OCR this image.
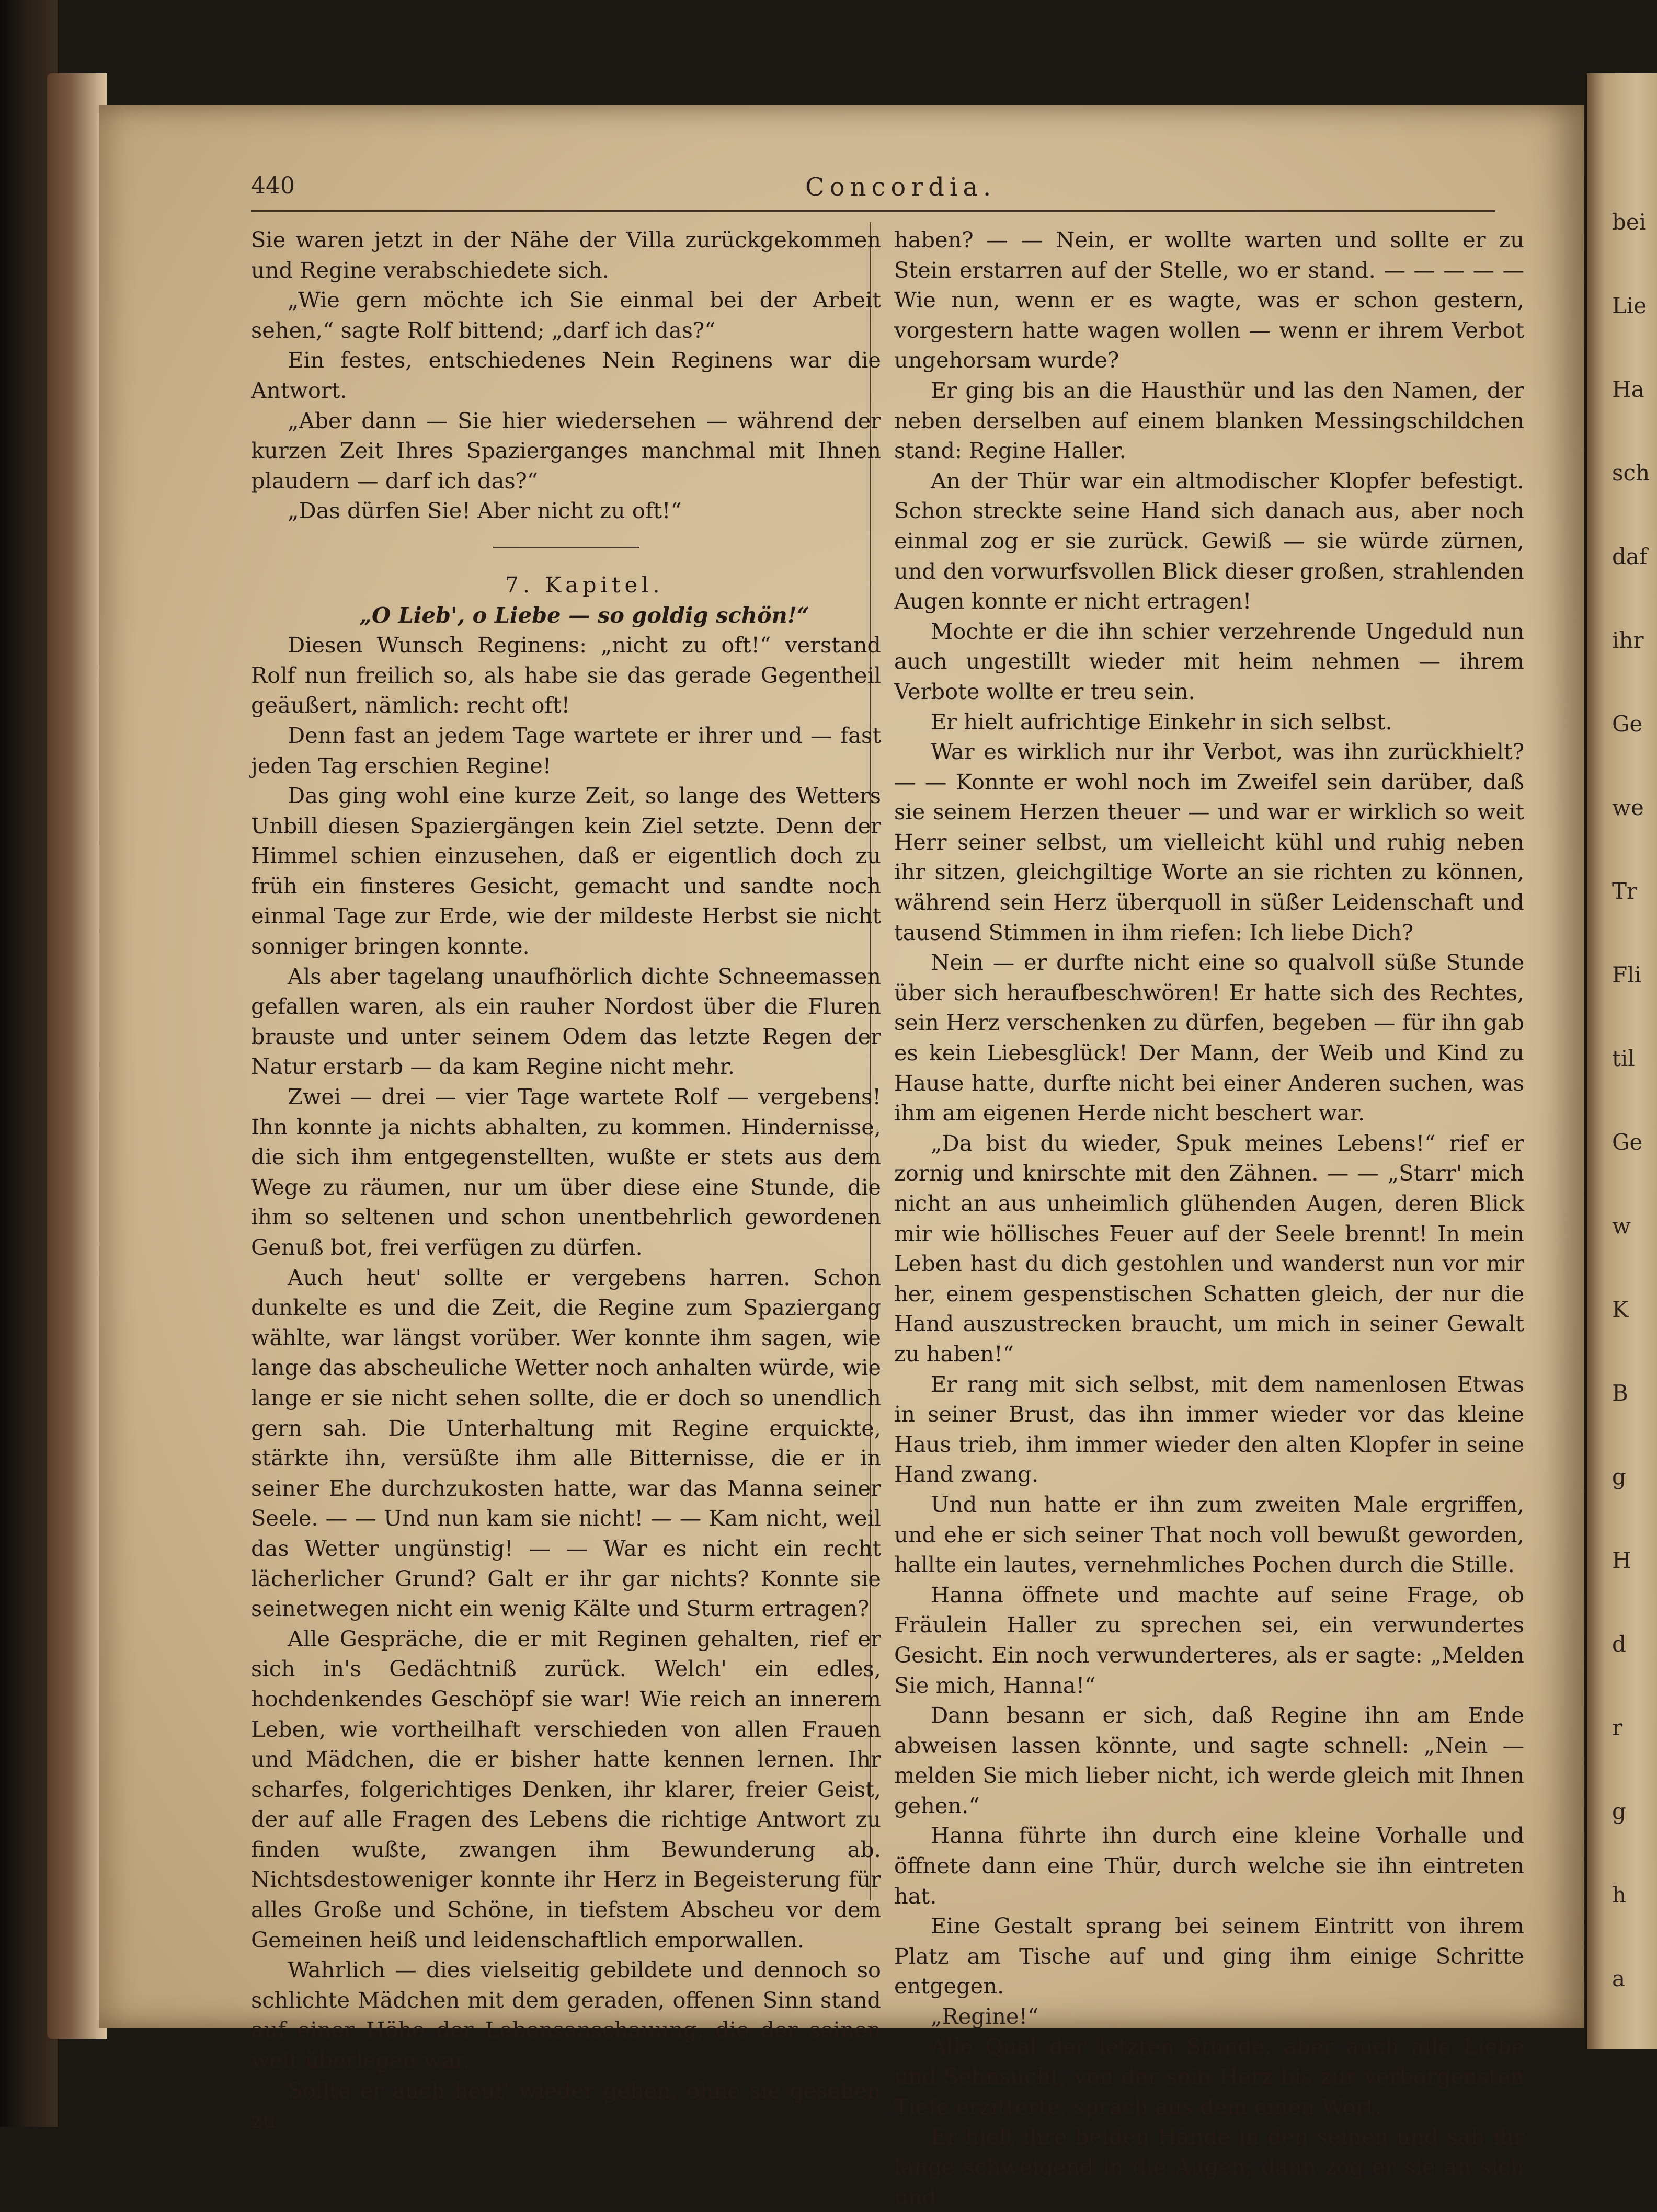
bei
Lie
Ha
sch
daf
ihr
Ge
we
Tr
Fli
til
Ge
w
K
B
g
H
d
r
g
h
a
440	Concordia.

Sie waren jetzt in der Nähe der Villa zurückgekommen und Regine verabschiedete sich.

„Wie gern möchte ich Sie einmal bei der Arbeit sehen,“ sagte Rolf bittend; „darf ich das?“

Ein festes, entschiedenes Nein Reginens war die Antwort.

„Aber dann — Sie hier wiedersehen — während der kurzen Zeit Ihres Spazierganges manchmal mit Ihnen plaudern — darf ich das?“

„Das dürfen Sie! Aber nicht zu oft!“

7. Kapitel.

„O Lieb', o Liebe — so goldig schön!“

Diesen Wunsch Reginens: „nicht zu oft!“ verstand Rolf nun freilich so, als habe sie das gerade Gegentheil geäußert, nämlich: recht oft!

Denn fast an jedem Tage wartete er ihrer und — fast jeden Tag erschien Regine!

Das ging wohl eine kurze Zeit, so lange des Wetters Unbill diesen Spaziergängen kein Ziel setzte. Denn der Himmel schien einzusehen, daß er eigentlich doch zu früh ein finsteres Gesicht, gemacht und sandte noch einmal Tage zur Erde, wie der mildeste Herbst sie nicht sonniger bringen konnte.

Als aber tagelang unaufhörlich dichte Schneemassen gefallen waren, als ein rauher Nordost über die Fluren brauste und unter seinem Odem das letzte Regen der Natur erstarb — da kam Regine nicht mehr.

Zwei — drei — vier Tage wartete Rolf — vergebens! Ihn konnte ja nichts abhalten, zu kommen. Hindernisse, die sich ihm entgegenstellten, wußte er stets aus dem Wege zu räumen, nur um über diese eine Stunde, die ihm so seltenen und schon unentbehrlich gewordenen Genuß bot, frei verfügen zu dürfen.

Auch heut' sollte er vergebens harren. Schon dunkelte es und die Zeit, die Regine zum Spaziergang wählte, war längst vorüber. Wer konnte ihm sagen, wie lange das abscheuliche Wetter noch anhalten würde, wie lange er sie nicht sehen sollte, die er doch so unendlich gern sah. Die Unterhaltung mit Regine erquickte, stärkte ihn, versüßte ihm alle Bitternisse, die er in seiner Ehe durchzukosten hatte, war das Manna seiner Seele. — — Und nun kam sie nicht! — — Kam nicht, weil das Wetter ungünstig! — — War es nicht ein recht lächerlicher Grund? Galt er ihr gar nichts? Konnte sie seinetwegen nicht ein wenig Kälte und Sturm ertragen?

Alle Gespräche, die er mit Reginen gehalten, rief er sich in's Gedächtniß zurück. Welch' ein edles, hochdenkendes Geschöpf sie war! Wie reich an innerem Leben, wie vortheilhaft verschieden von allen Frauen und Mädchen, die er bisher hatte kennen lernen. Ihr scharfes, folgerichtiges Denken, ihr klarer, freier Geist, der auf alle Fragen des Lebens die richtige Antwort zu finden wußte, zwangen ihm Bewunderung ab. Nichtsdestoweniger konnte ihr Herz in Begeisterung für alles Große und Schöne, in tiefstem Abscheu vor dem Gemeinen heiß und leidenschaftlich emporwallen.

Wahrlich — dies vielseitig gebildete und dennoch so schlichte Mädchen mit dem geraden, offenen Sinn stand auf einer Höhe der Lebensanschauung, die der seinen weit überlegen war.

Sollte er auch heut' wieder gehen, ohne sie gesehen zu

haben? — — Nein, er wollte warten und sollte er zu Stein erstarren auf der Stelle, wo er stand. — — — — — Wie nun, wenn er es wagte, was er schon gestern, vorgestern hatte wagen wollen — wenn er ihrem Verbot ungehorsam wurde?

Er ging bis an die Hausthür und las den Namen, der neben derselben auf einem blanken Messingschildchen stand: Regine Haller.

An der Thür war ein altmodischer Klopfer befestigt. Schon streckte seine Hand sich danach aus, aber noch einmal zog er sie zurück. Gewiß — sie würde zürnen, und den vorwurfsvollen Blick dieser großen, strahlenden Augen konnte er nicht ertragen!

Mochte er die ihn schier verzehrende Ungeduld nun auch ungestillt wieder mit heim nehmen — ihrem Verbote wollte er treu sein.

Er hielt aufrichtige Einkehr in sich selbst.

War es wirklich nur ihr Verbot, was ihn zurückhielt? — — Konnte er wohl noch im Zweifel sein darüber, daß sie seinem Herzen theuer — und war er wirklich so weit Herr seiner selbst, um vielleicht kühl und ruhig neben ihr sitzen, gleichgiltige Worte an sie richten zu können, während sein Herz überquoll in süßer Leidenschaft und tausend Stimmen in ihm riefen: Ich liebe Dich?

Nein — er durfte nicht eine so qualvoll süße Stunde über sich heraufbeschwören! Er hatte sich des Rechtes, sein Herz verschenken zu dürfen, begeben — für ihn gab es kein Liebesglück! Der Mann, der Weib und Kind zu Hause hatte, durfte nicht bei einer Anderen suchen, was ihm am eigenen Herde nicht beschert war.

„Da bist du wieder, Spuk meines Lebens!“ rief er zornig und knirschte mit den Zähnen. — — „Starr' mich nicht an aus unheimlich glühenden Augen, deren Blick mir wie höllisches Feuer auf der Seele brennt! In mein Leben hast du dich gestohlen und wanderst nun vor mir her, einem gespenstischen Schatten gleich, der nur die Hand auszustrecken braucht, um mich in seiner Gewalt zu haben!“

Er rang mit sich selbst, mit dem namenlosen Etwas in seiner Brust, das ihn immer wieder vor das kleine Haus trieb, ihm immer wieder den alten Klopfer in seine Hand zwang.

Und nun hatte er ihn zum zweiten Male ergriffen, und ehe er sich seiner That noch voll bewußt geworden, hallte ein lautes, vernehmliches Pochen durch die Stille.

Hanna öffnete und machte auf seine Frage, ob Fräulein Haller zu sprechen sei, ein verwundertes Gesicht. Ein noch verwunderteres, als er sagte: „Melden Sie mich, Hanna!“

Dann besann er sich, daß Regine ihn am Ende abweisen lassen könnte, und sagte schnell: „Nein — melden Sie mich lieber nicht, ich werde gleich mit Ihnen gehen.“

Hanna führte ihn durch eine kleine Vorhalle und öffnete dann eine Thür, durch welche sie ihn eintreten hat.

Eine Gestalt sprang bei seinem Eintritt von ihrem Platz am Tische auf und ging ihm einige Schritte entgegen.

„Regine!“

Alle Qual der letzten Stunde, aber auch alle Liebe und Sehnsucht, von der sein Herz bis zur verborgensten Tiefe erzitterte, sprach aus dem einen Wort.

Er hielt ihre beiden Hände in den seinen und sah ihr lange schweigend in die Augen; dann zog er sie an sich und
